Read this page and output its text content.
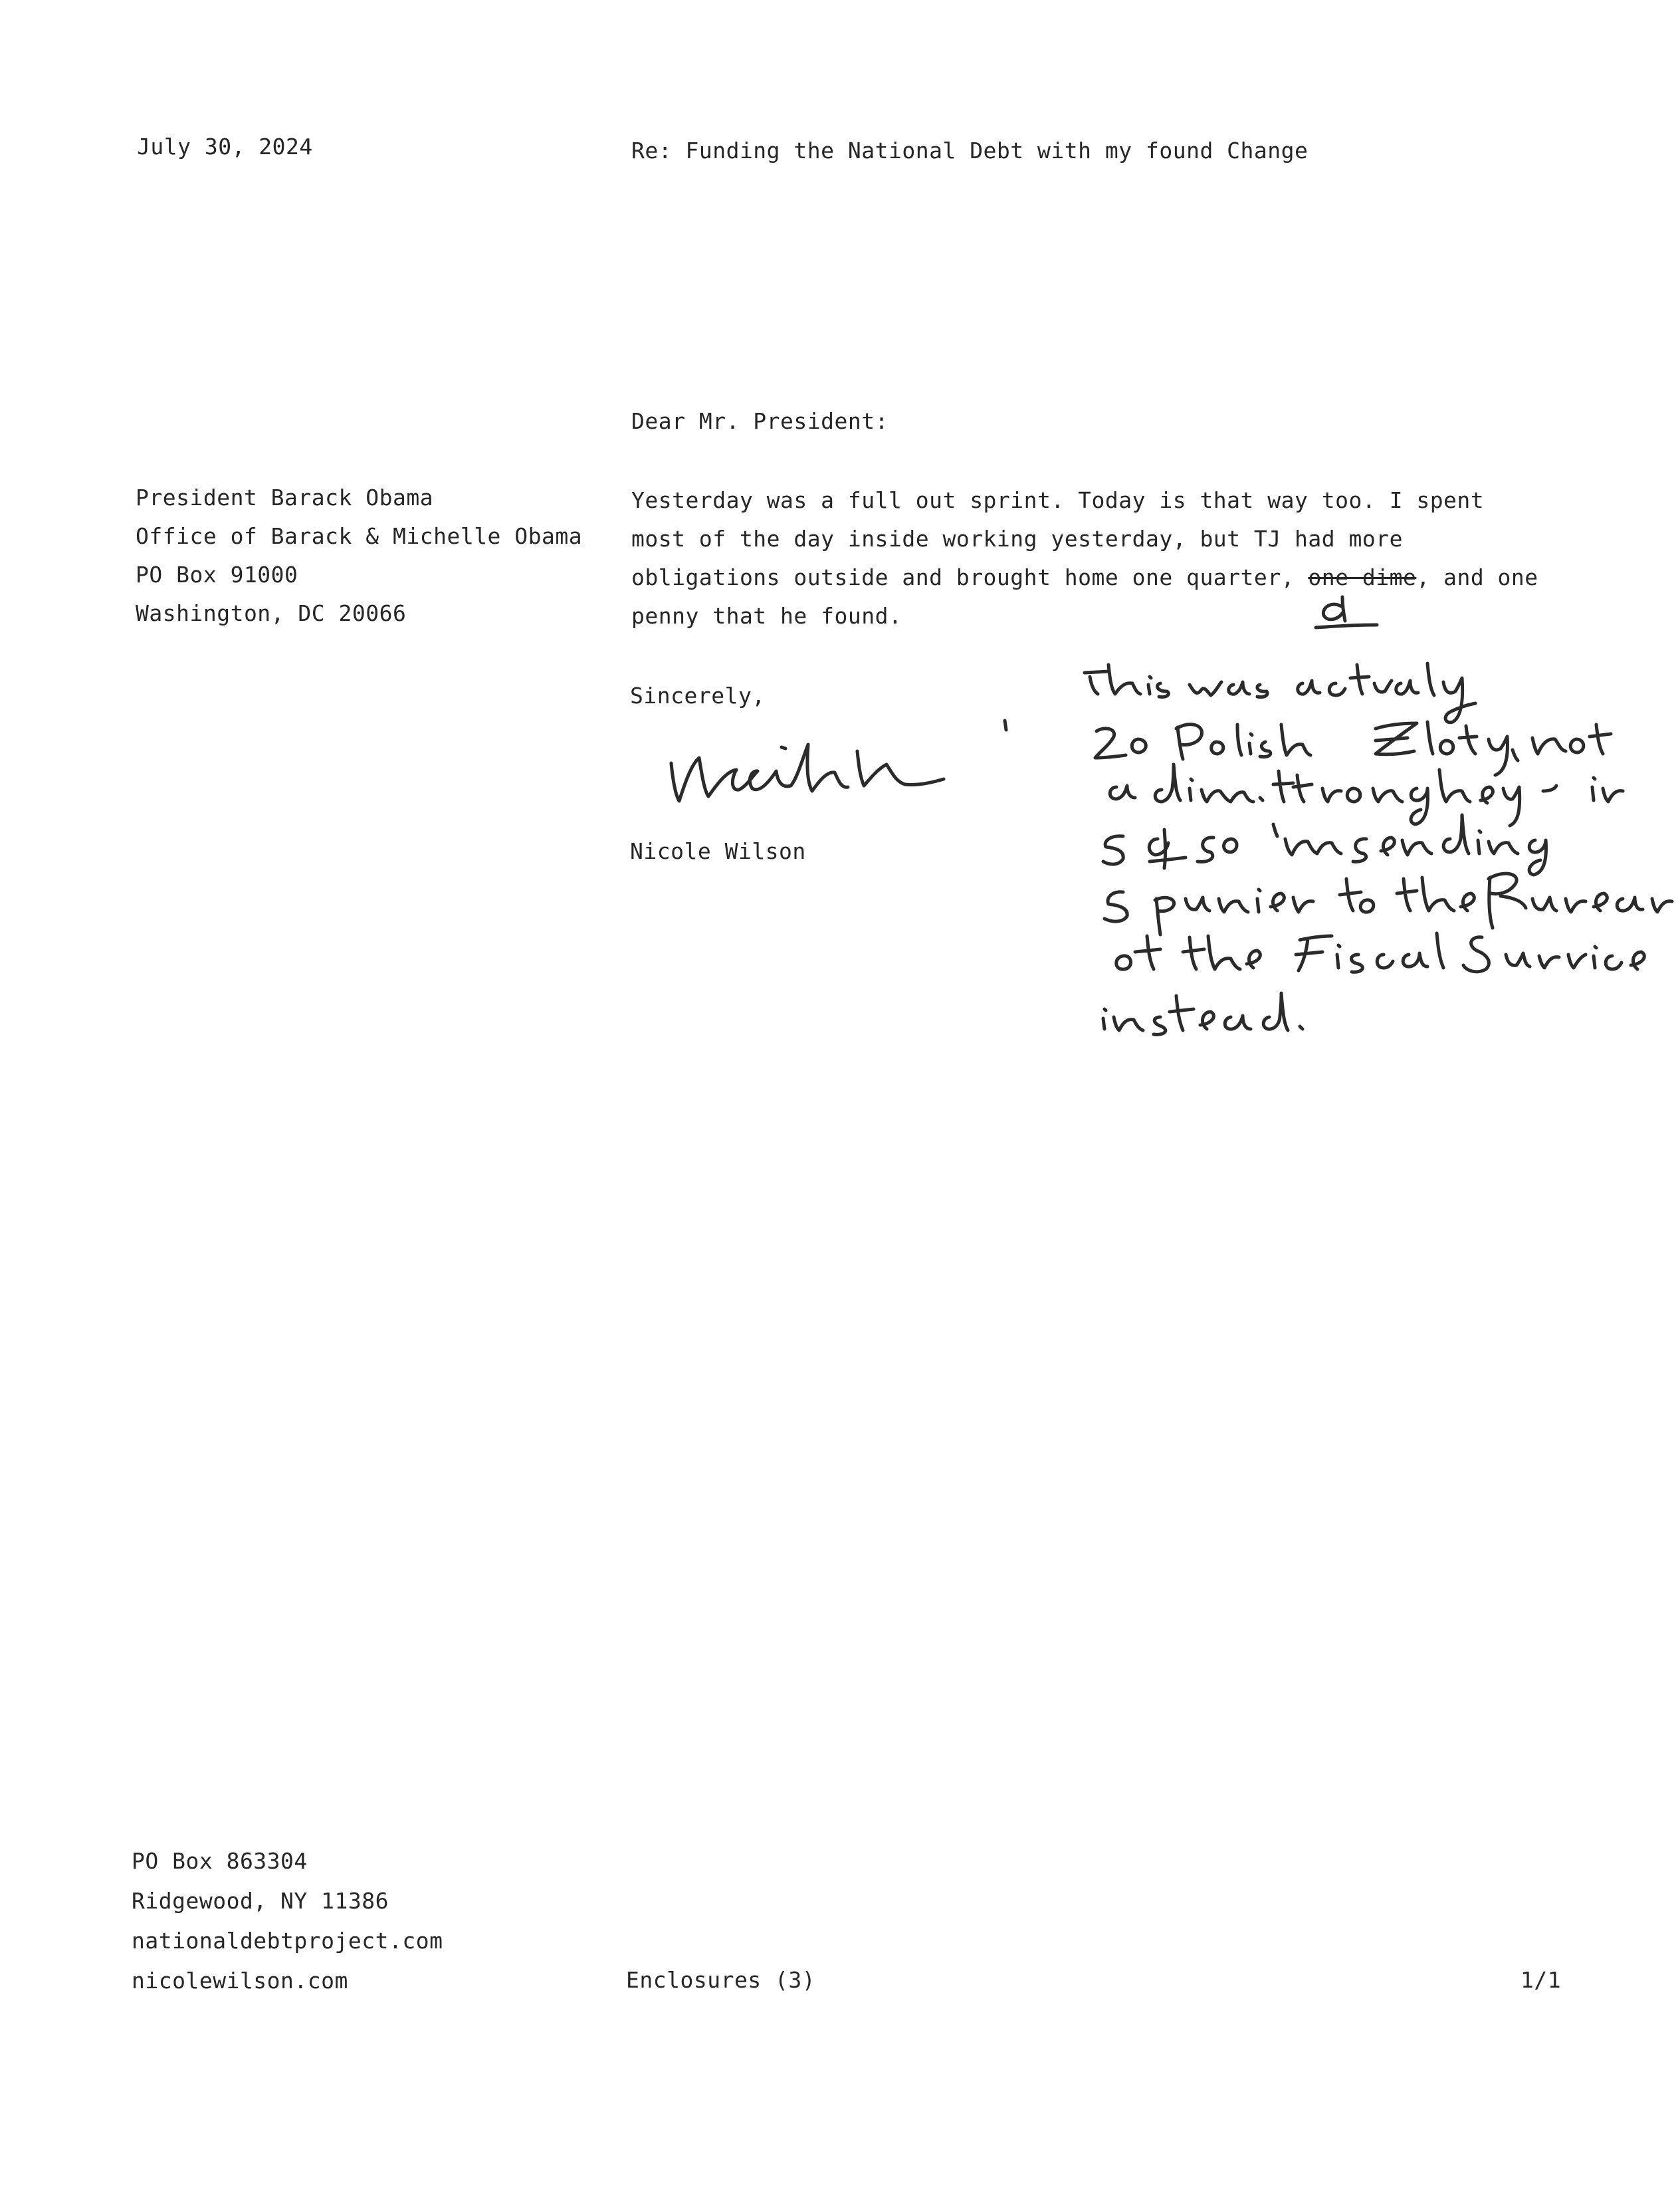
July 30, 2024	Re: Funding the National Debt with my found Change
Dear Mr. President:
President Barack Obama
Office of Barack & Michelle Obama
PO Box 91000
Washington, DC 20066
Yesterday was a full out sprint. Today is that way too. I spent
most of the day inside working yesterday, but TJ had more
obligations outside and brought home one quarter, one dime, and one
penny that he found.
Sincerely,
Nicole Wilson
PO Box 863304
Ridgewood, NY 11386
nationaldebtproject.com
nicolewilson.com	Enclosures (3)	1/1
